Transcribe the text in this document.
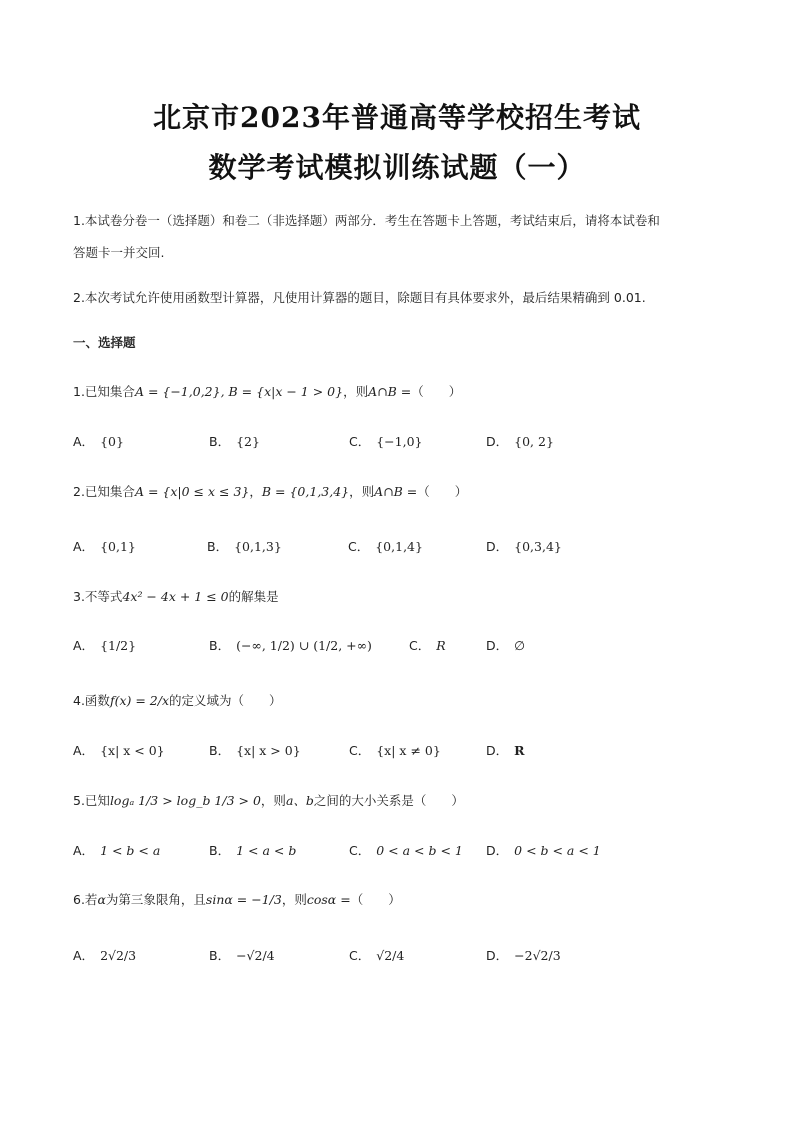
北京市2023年普通高等学校招生考试
数学考试模拟训练试题（一）
1.本试卷分卷一（选择题）和卷二（非选择题）两部分．考生在答题卡上答题，考试结束后，请将本试卷和
答题卡一并交回.
2.本次考试允许使用函数型计算器，凡使用计算器的题目，除题目有具体要求外，最后结果精确到 0.01.
一、选择题
1.已知集合A = {−1,0,2}, B = {x|x − 1 > 0}，则A∩B =（　　）
A． {0}	B． {2}	C． {−1,0}	D． {0, 2}
2.已知集合A = {x|0 ≤ x ≤ 3}，B = {0,1,3,4}，则A∩B =（　　）
A． {0,1}	B． {0,1,3}	C． {0,1,4}	D． {0,3,4}
3.不等式4x² − 4x + 1 ≤ 0的解集是
A． {1/2}	B． (−∞, 1/2) ∪ (1/2, +∞)	C． R	D． ∅
4.函数f(x) = 2/x的定义域为（　　）
A． {x| x < 0}	B． {x| x > 0}	C． {x| x ≠ 0}	D． R
5.已知logₐ 1/3 > log_b 1/3 > 0，则a、b之间的大小关系是（　　）
A． 1 < b < a	B． 1 < a < b	C． 0 < a < b < 1 D． 0 < b < a < 1
6.若α为第三象限角，且sinα = −1/3，则cosα =（　　）
A． 2√2/3	B． −√2/4	C． √2/4	D． −2√2/3
